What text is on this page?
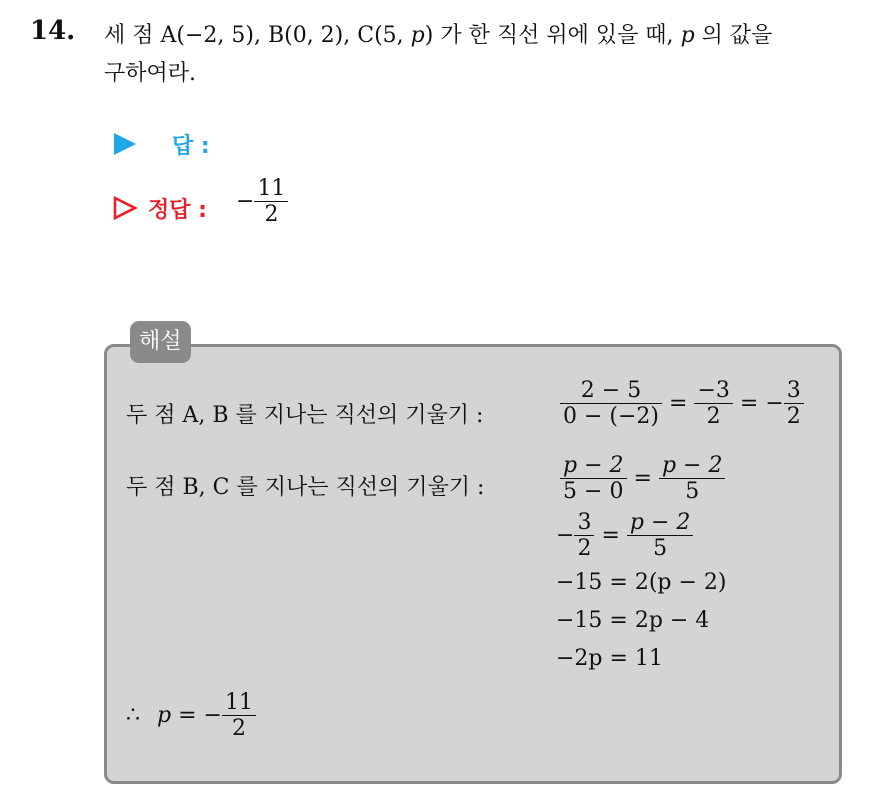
14. 세 점 A(−2, 5), B(0, 2), C(5, p) 가 한 직선 위에 있을 때, p 의 값을
구하여라.
답 :
정답 : − $\frac{11}{2}$
해설
두 점 A, B 를 지나는 직선의 기울기 :	$\frac{2 - 5}{0 - (-2)} = \frac{-3}{2}$ = − $\frac{3}{2}$
두 점 B, C 를 지나는 직선의 기울기 :	$\frac{p - 2}{5 - 0} = \frac{p - 2}{5}$
− $\frac{3}{2} = \frac{p - 2}{5}$
−15 = 2(p − 2)
−15 = 2p − 4
−2p = 11
∴ p = − $\frac{11}{2}$
